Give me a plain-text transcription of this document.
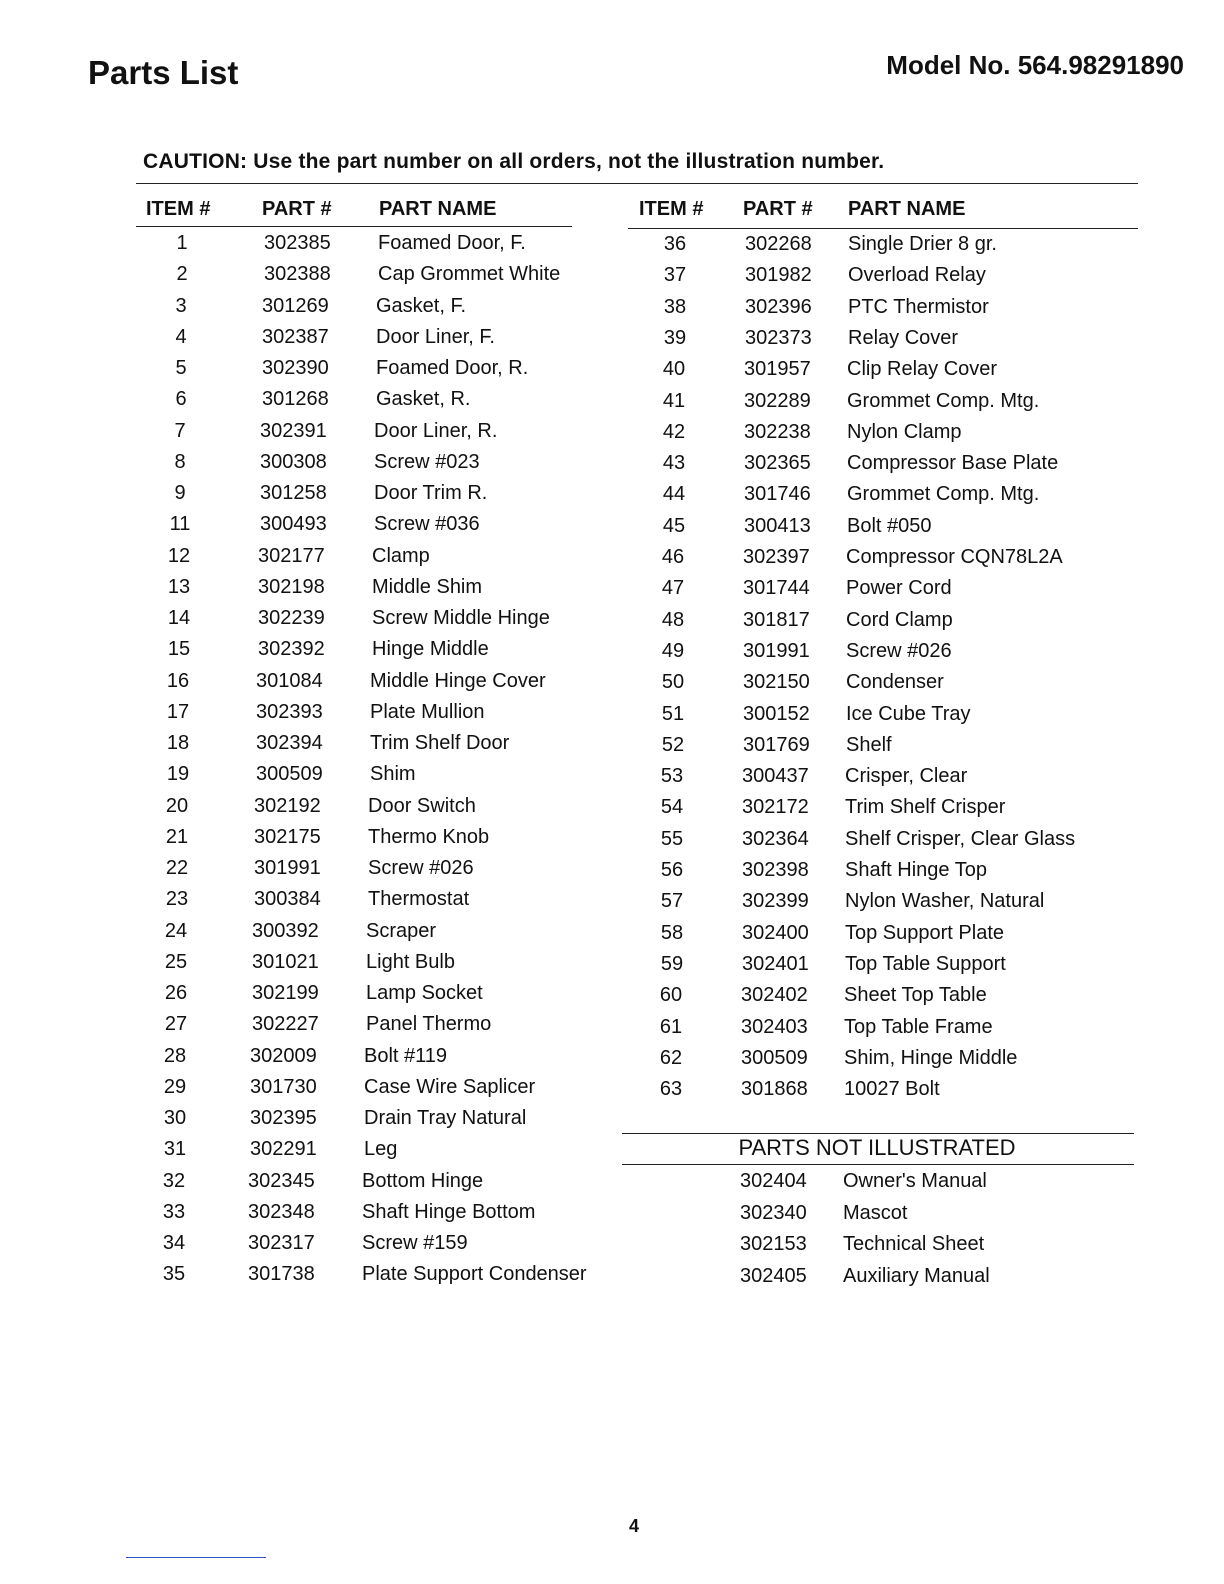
Parts List	Model No. 564.98291890
CAUTION: Use the part number on all orders, not the illustration number.
ITEM #	PART # PART NAME	ITEM # PART # PART NAME
1	302385 Foamed Door, F.
2	302388 Cap Grommet White
3	301269 Gasket, F.
4	302387 Door Liner, F.
5	302390 Foamed Door, R.
6	301268 Gasket, R.
7	302391 Door Liner, R.
8	300308 Screw #023
9	301258 Door Trim R.
11	300493 Screw #036
12	302177 Clamp
13	302198 Middle Shim
14	302239 Screw Middle Hinge
15	302392 Hinge Middle
16	301084 Middle Hinge Cover
17	302393 Plate Mullion
18	302394 Trim Shelf Door
19	300509 Shim
20	302192 Door Switch
21	302175 Thermo Knob
22	301991 Screw #026
23	300384 Thermostat
24	300392 Scraper
25	301021 Light Bulb
26	302199 Lamp Socket
27	302227 Panel Thermo
28	302009 Bolt #119
29	301730 Case Wire Saplicer
30	302395 Drain Tray Natural
31	302291 Leg
32	302345 Bottom Hinge
33	302348 Shaft Hinge Bottom
34	302317 Screw #159
35	301738 Plate Support Condenser
36	302268 Single Drier 8 gr.
37	301982 Overload Relay
38	302396 PTC Thermistor
39	302373 Relay Cover
40	301957 Clip Relay Cover
41	302289 Grommet Comp. Mtg.
42	302238 Nylon Clamp
43	302365 Compressor Base Plate
44	301746 Grommet Comp. Mtg.
45	300413 Bolt #050
46	302397 Compressor CQN78L2A
47	301744 Power Cord
48	301817 Cord Clamp
49	301991 Screw #026
50	302150 Condenser
51	300152 Ice Cube Tray
52	301769 Shelf
53	300437 Crisper, Clear
54	302172 Trim Shelf Crisper
55	302364 Shelf Crisper, Clear Glass
56	302398 Shaft Hinge Top
57	302399 Nylon Washer, Natural
58	302400 Top Support Plate
59	302401 Top Table Support
60	302402 Sheet Top Table
61	302403 Top Table Frame
62	300509 Shim, Hinge Middle
63	301868 10027 Bolt
PARTS NOT ILLUSTRATED
302404 Owner's Manual
302340 Mascot
302153 Technical Sheet
302405 Auxiliary Manual
4
